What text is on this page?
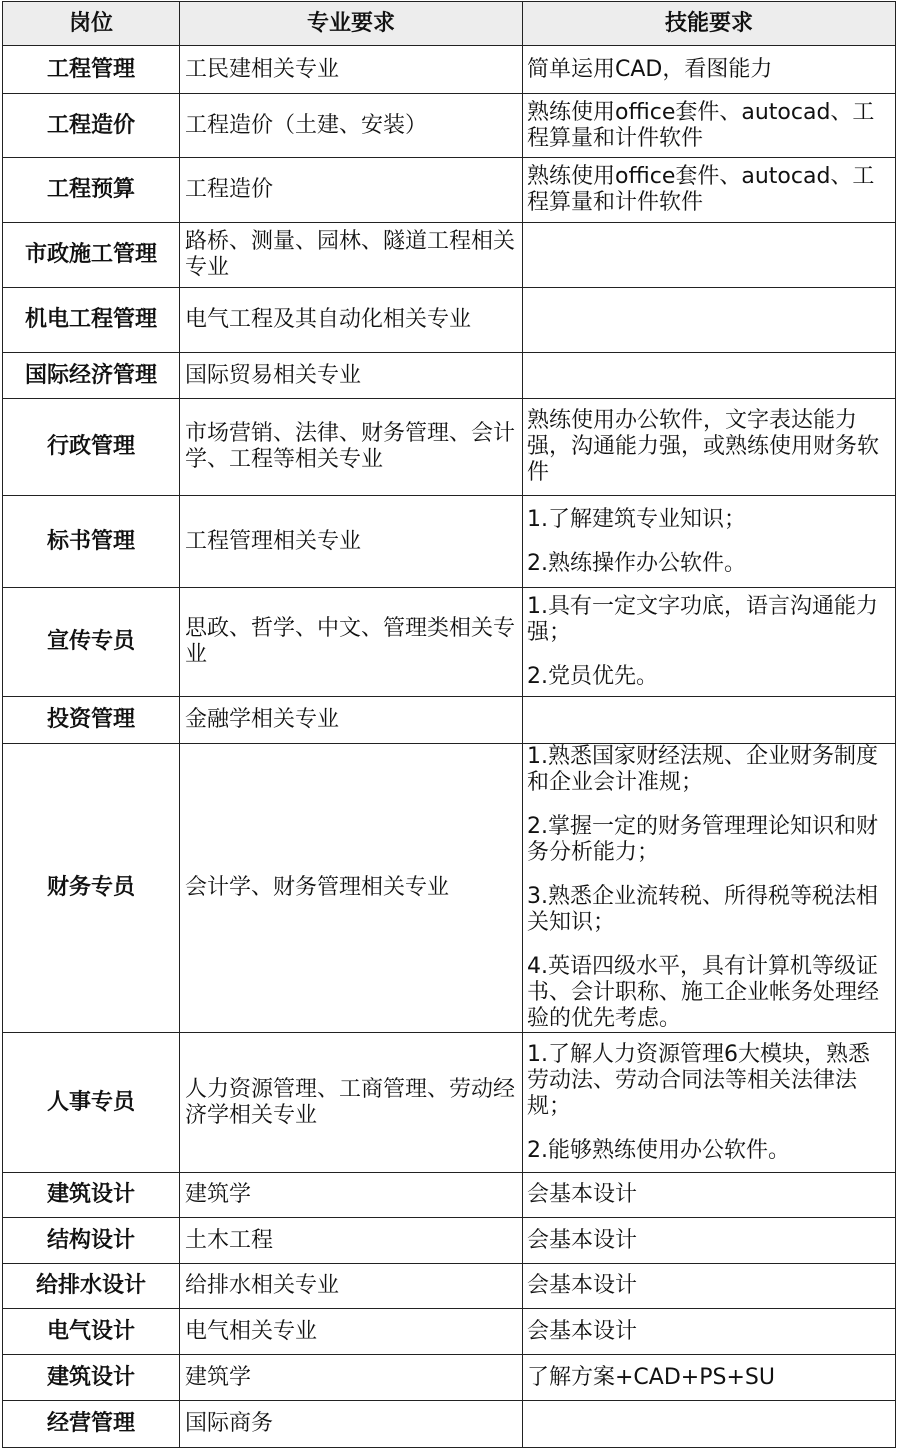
岗位	专业要求	技能要求
工程管理	工民建相关专业	简单运用CAD，看图能力

工程造价	工程造价（土建、安装）	熟练使用office套件、autocad、工程算量和计件软件

工程预算	工程造价	熟练使用office套件、autocad、工程算量和计件软件

市政施工管理	路桥、测量、园林、隧道工程相关专业	
机电工程管理	电气工程及其自动化相关专业	
国际经济管理	国际贸易相关专业	
行政管理	市场营销、法律、财务管理、会计学、工程等相关专业	熟练使用办公软件，文字表达能力强，沟通能力强，或熟练使用财务软件

标书管理	工程管理相关专业	1.了解建筑专业知识；
2.熟练操作办公软件。

宣传专员	思政、哲学、中文、管理类相关专业	1.具有一定文字功底，语言沟通能力强；
2.党员优先。

投资管理	金融学相关专业	
财务专员	会计学、财务管理相关专业	1.熟悉国家财经法规、企业财务制度和企业会计准规；
2.掌握一定的财务管理理论知识和财务分析能力；
3.熟悉企业流转税、所得税等税法相关知识；
4.英语四级水平，具有计算机等级证书、会计职称、施工企业帐务处理经验的优先考虑。

人事专员	人力资源管理、工商管理、劳动经济学相关专业	1.了解人力资源管理6大模块，熟悉劳动法、劳动合同法等相关法律法规；
2.能够熟练使用办公软件。

建筑设计	建筑学	会基本设计

结构设计	土木工程	会基本设计

给排水设计	给排水相关专业	会基本设计

电气设计	电气相关专业	会基本设计

建筑设计	建筑学	了解方案+CAD+PS+SU

经营管理	国际商务	
